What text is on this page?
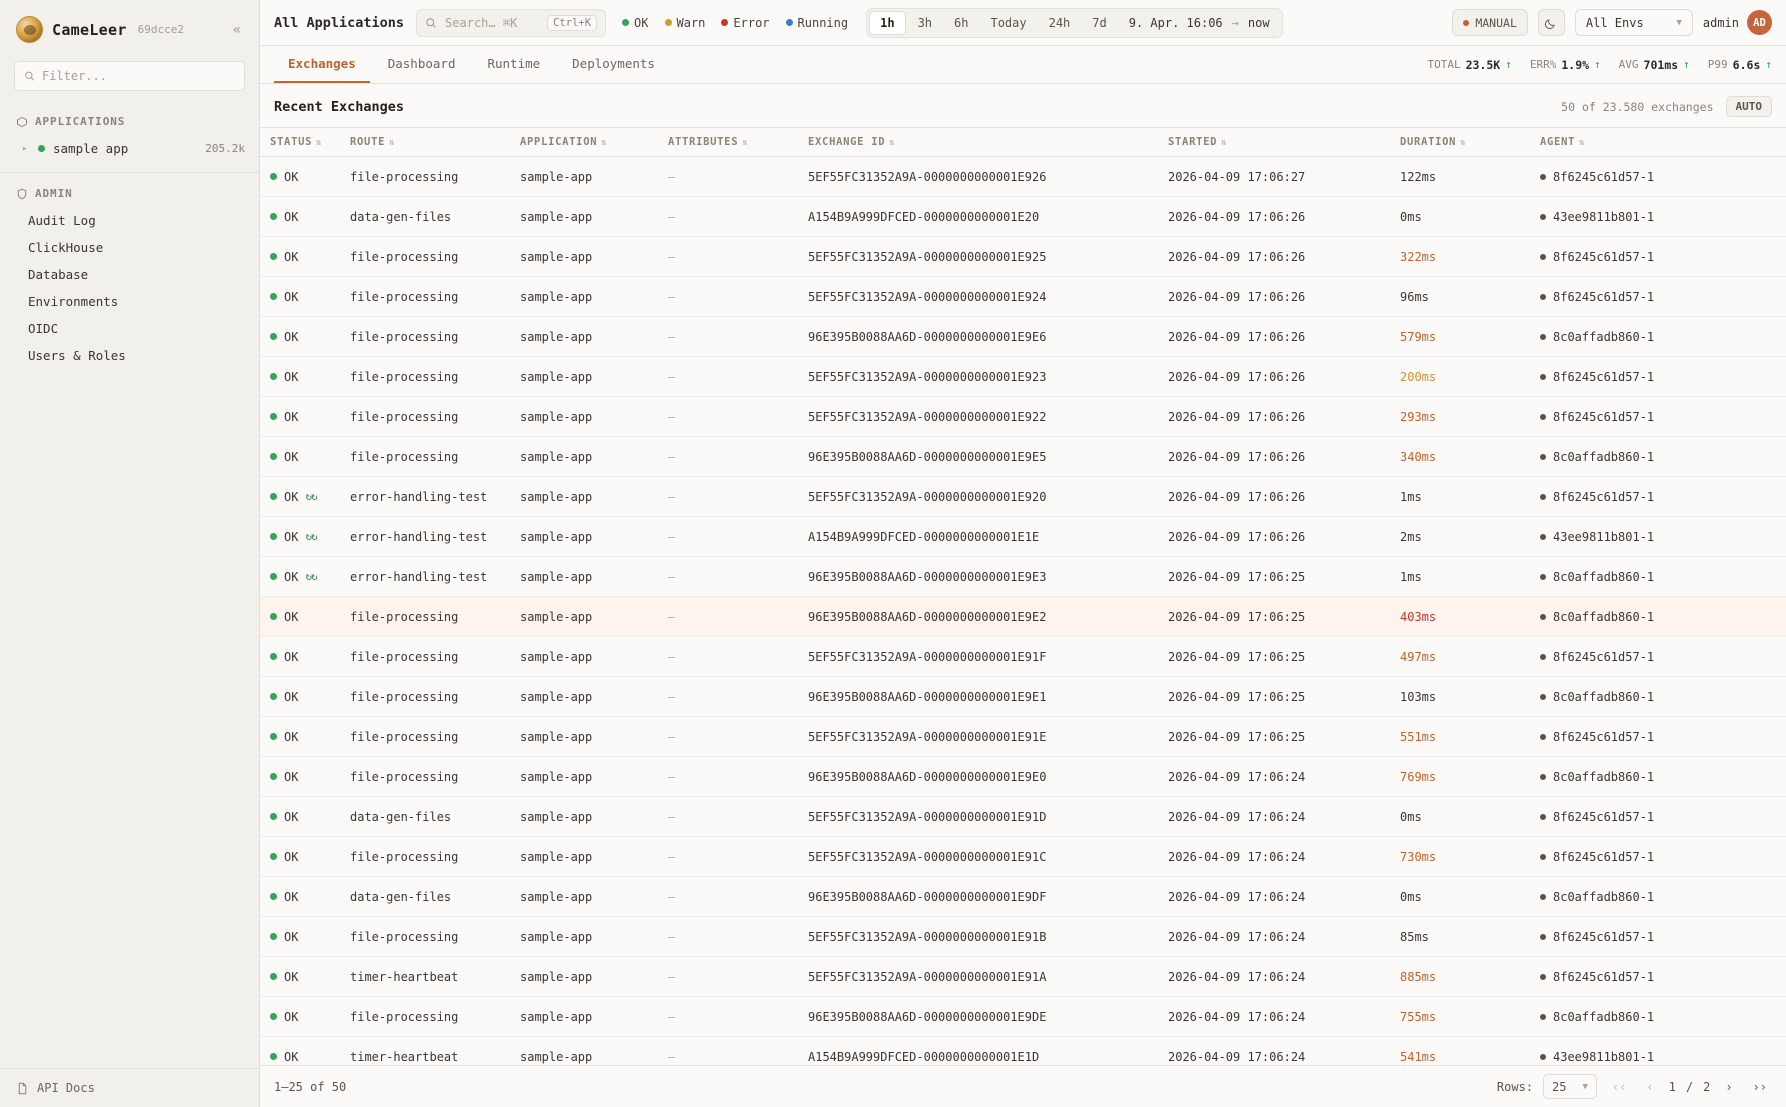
CameLeer 69dcce2	«
Filter...
APPLICATIONS
▸ sample app	205.2k
ADMIN
Audit Log
ClickHouse
Database
Environments
OIDC
Users & Roles
API Docs
All Applications	Search… ⌘K	Ctrl+K	OK Warn Error Running	1h	3h	6h	Today	24h	7d	9. Apr. 16:06 → now	MANUAL	All Envs	▼ admin	AD
Exchanges	Dashboard	Runtime	Deployments	TOTAL 23.5K ↑ ERR% 1.9% ↑ AVG 701ms ↑ P99 6.6s ↑
Recent Exchanges	50 of 23.580 exchanges	AUTO
STATUS ⇅	ROUTE ⇅	APPLICATION ⇅	ATTRIBUTES ⇅	EXCHANGE ID ⇅	STARTED ⇅	DURATION ⇅	AGENT ⇅

OK	file-processing	sample-app	—	5EF55FC31352A9A-0000000000001E926	2026-04-09 17:06:27	122ms	8f6245c61d57-1

OK	data-gen-files	sample-app	—	A154B9A999DFCED-0000000000001E20	2026-04-09 17:06:26	0ms	43ee9811b801-1

OK	file-processing	sample-app	—	5EF55FC31352A9A-0000000000001E925	2026-04-09 17:06:26	322ms	8f6245c61d57-1

OK	file-processing	sample-app	—	5EF55FC31352A9A-0000000000001E924	2026-04-09 17:06:26	96ms	8f6245c61d57-1

OK	file-processing	sample-app	—	96E395B0088AA6D-0000000000001E9E6	2026-04-09 17:06:26	579ms	8c0affadb860-1

OK	file-processing	sample-app	—	5EF55FC31352A9A-0000000000001E923	2026-04-09 17:06:26	200ms	8f6245c61d57-1

OK	file-processing	sample-app	—	5EF55FC31352A9A-0000000000001E922	2026-04-09 17:06:26	293ms	8f6245c61d57-1

OK	file-processing	sample-app	—	96E395B0088AA6D-0000000000001E9E5	2026-04-09 17:06:26	340ms	8c0affadb860-1

OK ↻↻	error-handling-test	sample-app	—	5EF55FC31352A9A-0000000000001E920	2026-04-09 17:06:26	1ms	8f6245c61d57-1

OK ↻↻	error-handling-test	sample-app	—	A154B9A999DFCED-0000000000001E1E	2026-04-09 17:06:26	2ms	43ee9811b801-1

OK ↻↻	error-handling-test	sample-app	—	96E395B0088AA6D-0000000000001E9E3	2026-04-09 17:06:25	1ms	8c0affadb860-1

OK	file-processing	sample-app	—	96E395B0088AA6D-0000000000001E9E2	2026-04-09 17:06:25	403ms	8c0affadb860-1

OK	file-processing	sample-app	—	5EF55FC31352A9A-0000000000001E91F	2026-04-09 17:06:25	497ms	8f6245c61d57-1

OK	file-processing	sample-app	—	96E395B0088AA6D-0000000000001E9E1	2026-04-09 17:06:25	103ms	8c0affadb860-1

OK	file-processing	sample-app	—	5EF55FC31352A9A-0000000000001E91E	2026-04-09 17:06:25	551ms	8f6245c61d57-1

OK	file-processing	sample-app	—	96E395B0088AA6D-0000000000001E9E0	2026-04-09 17:06:24	769ms	8c0affadb860-1

OK	data-gen-files	sample-app	—	5EF55FC31352A9A-0000000000001E91D	2026-04-09 17:06:24	0ms	8f6245c61d57-1

OK	file-processing	sample-app	—	5EF55FC31352A9A-0000000000001E91C	2026-04-09 17:06:24	730ms	8f6245c61d57-1

OK	data-gen-files	sample-app	—	96E395B0088AA6D-0000000000001E9DF	2026-04-09 17:06:24	0ms	8c0affadb860-1

OK	file-processing	sample-app	—	5EF55FC31352A9A-0000000000001E91B	2026-04-09 17:06:24	85ms	8f6245c61d57-1

OK	timer-heartbeat	sample-app	—	5EF55FC31352A9A-0000000000001E91A	2026-04-09 17:06:24	885ms	8f6245c61d57-1

OK	file-processing	sample-app	—	96E395B0088AA6D-0000000000001E9DE	2026-04-09 17:06:24	755ms	8c0affadb860-1

OK	timer-heartbeat	sample-app	—	A154B9A999DFCED-0000000000001E1D	2026-04-09 17:06:24	541ms	43ee9811b801-1
1–25 of 50	Rows: 25 ▼	‹‹	‹	1 / 2	›	››
